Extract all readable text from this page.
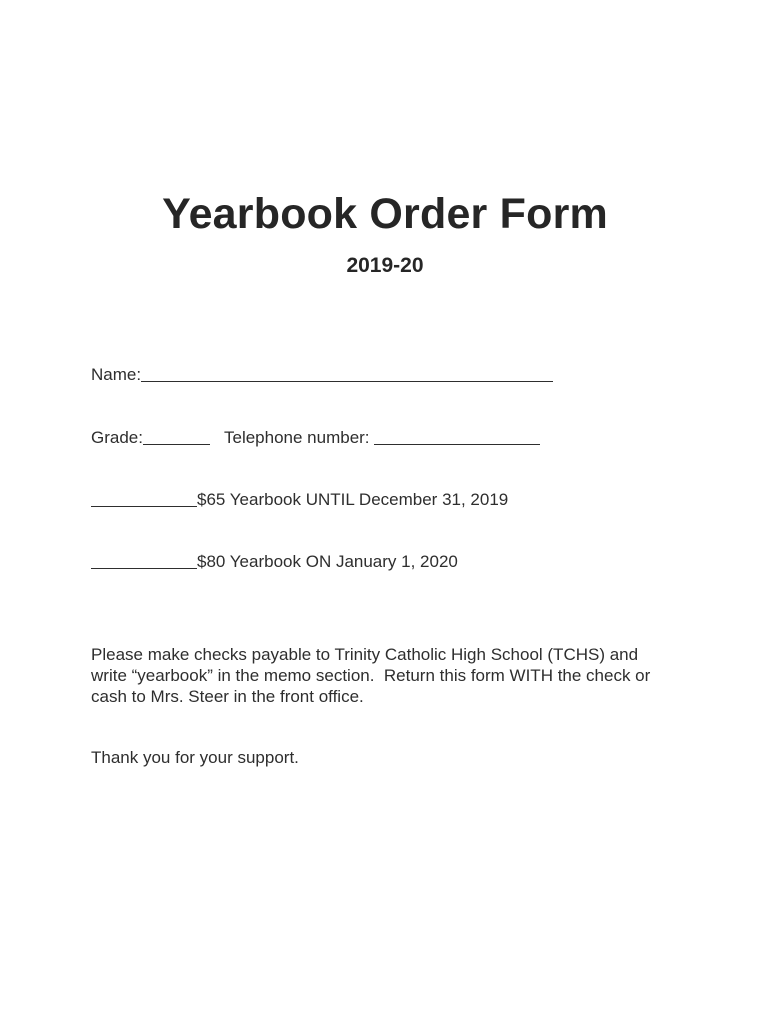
Yearbook Order Form
2019-20
Name:
Grade:	Telephone number:
$65 Yearbook UNTIL December 31, 2019
$80 Yearbook ON January 1, 2020
Please make checks payable to Trinity Catholic High School (TCHS) and
write “yearbook” in the memo section.  Return this form WITH the check or
cash to Mrs. Steer in the front office.
Thank you for your support.
